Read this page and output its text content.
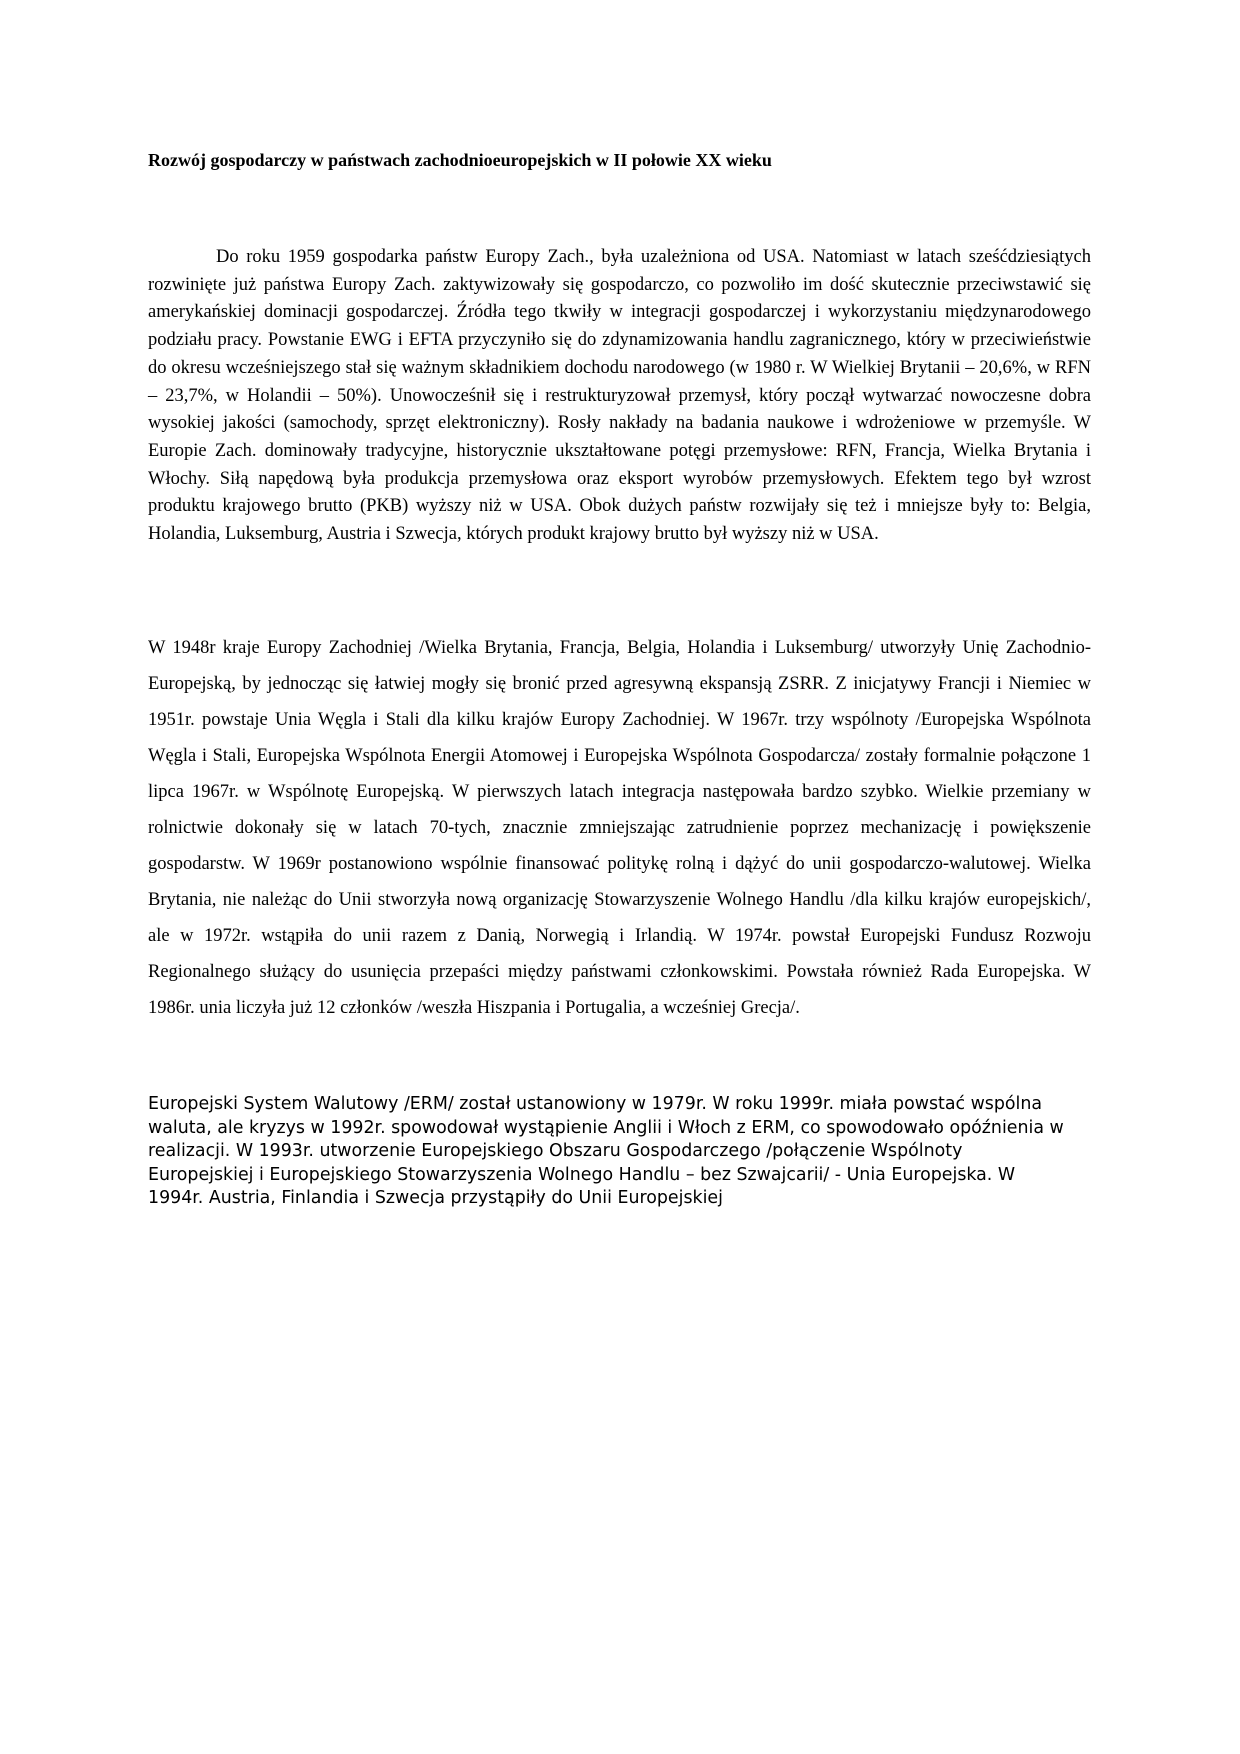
Rozwój gospodarczy w państwach zachodnioeuropejskich w II połowie XX wieku

Do roku 1959 gospodarka państw Europy Zach., była uzależniona od USA. Natomiast w latach sześćdziesiątych rozwinięte już państwa Europy Zach. zaktywizowały się gospodarczo, co pozwoliło im dość skutecznie przeciwstawić się amerykańskiej dominacji gospodarczej. Źródła tego tkwiły w integracji gospodarczej i wykorzystaniu międzynarodowego podziału pracy. Powstanie EWG i EFTA przyczyniło się do zdynamizowania handlu zagranicznego, który w przeciwieństwie do okresu wcześniejszego stał się ważnym składnikiem dochodu narodowego (w 1980 r. W Wielkiej Brytanii – 20,6%, w RFN – 23,7%, w Holandii – 50%). Unowocześnił się i restrukturyzował przemysł, który począł wytwarzać nowoczesne dobra wysokiej jakości (samochody, sprzęt elektroniczny). Rosły nakłady na badania naukowe i wdrożeniowe w przemyśle. W Europie Zach. dominowały tradycyjne, historycznie ukształtowane potęgi przemysłowe: RFN, Francja, Wielka Brytania i Włochy. Siłą napędową była produkcja przemysłowa oraz eksport wyrobów przemysłowych. Efektem tego był wzrost produktu krajowego brutto (PKB) wyższy niż w USA. Obok dużych państw rozwijały się też i mniejsze były to: Belgia, Holandia, Luksemburg, Austria i Szwecja, których produkt krajowy brutto był wyższy niż w USA.

W 1948r kraje Europy Zachodniej /Wielka Brytania, Francja, Belgia, Holandia i Luksemburg/ utworzyły Unię Zachodnio-Europejską, by jednocząc się łatwiej mogły się bronić przed agresywną ekspansją ZSRR. Z inicjatywy Francji i Niemiec w 1951r. powstaje Unia Węgla i Stali dla kilku krajów Europy Zachodniej. W 1967r. trzy wspólnoty /Europejska Wspólnota Węgla i Stali, Europejska Wspólnota Energii Atomowej i Europejska Wspólnota Gospodarcza/ zostały formalnie połączone 1 lipca 1967r. w Wspólnotę Europejską. W pierwszych latach integracja następowała bardzo szybko. Wielkie przemiany w rolnictwie dokonały się w latach 70-tych, znacznie zmniejszając zatrudnienie poprzez mechanizację i powiększenie gospodarstw. W 1969r postanowiono wspólnie finansować politykę rolną i dążyć do unii gospodarczo-walutowej. Wielka Brytania, nie należąc do Unii stworzyła nową organizację Stowarzyszenie Wolnego Handlu /dla kilku krajów europejskich/, ale w 1972r. wstąpiła do unii razem z Danią, Norwegią i Irlandią. W 1974r. powstał Europejski Fundusz Rozwoju Regionalnego służący do usunięcia przepaści między państwami członkowskimi. Powstała również Rada Europejska. W 1986r. unia liczyła już 12 członków /weszła Hiszpania i Portugalia, a wcześniej Grecja/.

Europejski System Walutowy /ERM/ został ustanowiony w 1979r. W roku 1999r. miała powstać wspólna waluta, ale kryzys w 1992r. spowodował wystąpienie Anglii i Włoch z ERM, co spowodowało opóźnienia w realizacji. W 1993r. utworzenie Europejskiego Obszaru Gospodarczego /połączenie Wspólnoty Europejskiej i Europejskiego Stowarzyszenia Wolnego Handlu – bez Szwajcarii/ - Unia Europejska. W 1994r. Austria, Finlandia i Szwecja przystąpiły do Unii Europejskiej
